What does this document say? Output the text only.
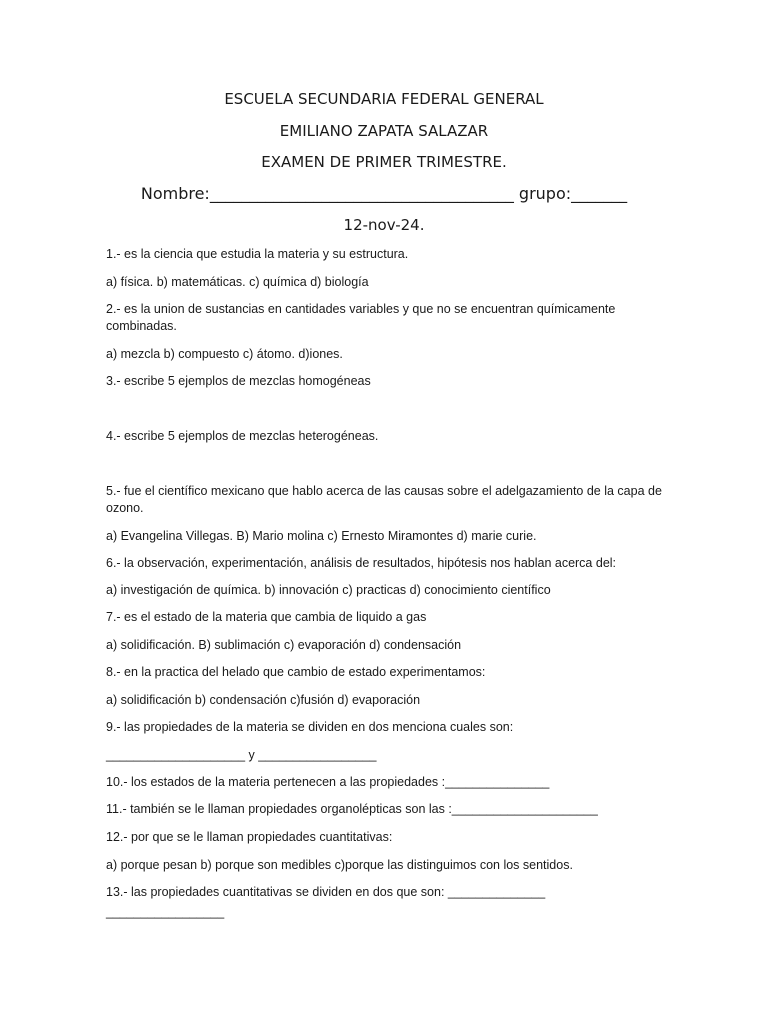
ESCUELA SECUNDARIA FEDERAL GENERAL
EMILIANO ZAPATA SALAZAR
EXAMEN DE PRIMER TRIMESTRE.
Nombre:______________________________________ grupo:_______
12-nov-24.
1.- es la ciencia que estudia la materia y su estructura.
a) física. b) matemáticas. c) química d) biología
2.- es la union de sustancias en cantidades variables y que no se encuentran químicamente combinadas.
a) mezcla b) compuesto c) átomo. d)iones.
3.- escribe 5 ejemplos de mezclas homogéneas
4.- escribe 5 ejemplos de mezclas heterogéneas.
5.- fue el científico mexicano que hablo acerca de las causas sobre el adelgazamiento de la capa de ozono.
a) Evangelina Villegas. B) Mario molina c) Ernesto Miramontes d) marie curie.
6.- la observación, experimentación, análisis de resultados, hipótesis nos hablan acerca del:
a) investigación de química. b) innovación c) practicas d) conocimiento científico
7.- es el estado de la materia que cambia de liquido a gas
a) solidificación. B) sublimación c) evaporación d) condensación
8.- en la practica del helado que cambio de estado experimentamos:
a) solidificación b) condensación c)fusión d) evaporación
9.- las propiedades de la materia se dividen en dos menciona cuales son:
____________________ y _________________
10.- los estados de la materia pertenecen a las propiedades :_______________
11.- también se le llaman propiedades organolépticas son las :_____________________
12.- por que se le llaman propiedades cuantitativas:
a) porque pesan b) porque son medibles c)porque las distinguimos con los sentidos.
13.- las propiedades cuantitativas se dividen en dos que son: ______________
_________________
